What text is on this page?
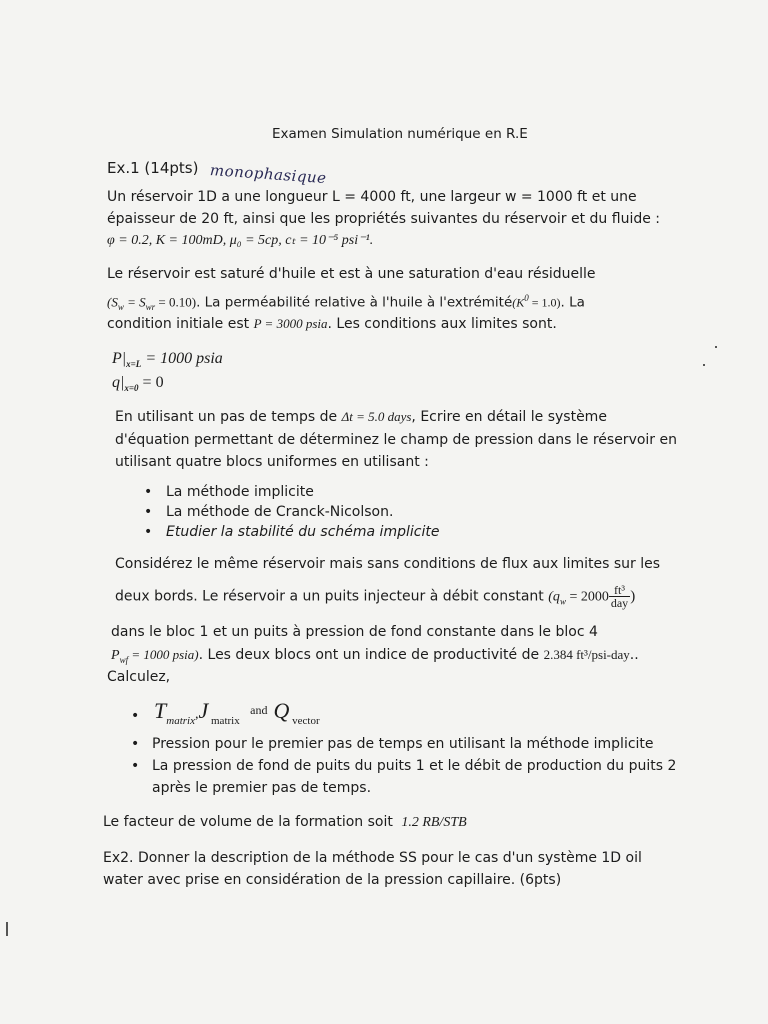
Examen Simulation numérique en R.E
Ex.1 (14pts) monophasique
Un réservoir 1D a une longueur L = 4000 ft, une largeur w = 1000 ft et une
épaisseur de 20 ft, ainsi que les propriétés suivantes du réservoir et du fluide :
φ = 0.2, K = 100mD, μ₀ = 5cp, cₜ = 10⁻⁵ psi⁻¹.
Le réservoir est saturé d'huile et est à une saturation d'eau résiduelle
$(S_w = S_{wr} = 0.10)$. La perméabilité relative à l'huile à $l'extrémité(K^0 = 1.0)$. La
condition initiale est P = 3000 psia. Les conditions aux limites sont.
$P|_{x=L} = 1000$ psia
$q|_{x=0} = 0$
En utilisant un pas de temps de Δt = 5.0 days, Ecrire en détail le système
d'équation permettant de déterminez le champ de pression dans le réservoir en
utilisant quatre blocs uniformes en utilisant :
• La méthode implicite
• La méthode de Cranck-Nicolson.
• Etudier la stabilité du schéma implicite
Considérez le même réservoir mais sans conditions de flux aux limites sur les
deux bords. Le réservoir a un puits injecteur à débit constant ($q_w = 2000 \frac{\text{ft³}}{\text{day}}$ )
dans le bloc 1 et un puits à pression de fond constante dans le bloc 4
$P_{wf} = 1000$ psia). Les deux blocs ont un indice de productivité de 2.384 ft³/psi-day..
Calculez,
• $T_{matrix},J$ $_{matrix}$ and Q $_{vector}$
• Pression pour le premier pas de temps en utilisant la méthode implicite
• La pression de fond de puits du puits 1 et le débit de production du puits 2
après le premier pas de temps.
Le facteur de volume de la formation soit 1.2 RB/STB
Ex2. Donner la description de la méthode SS pour le cas d'un système 1D oil
water avec prise en considération de la pression capillaire. (6pts)
